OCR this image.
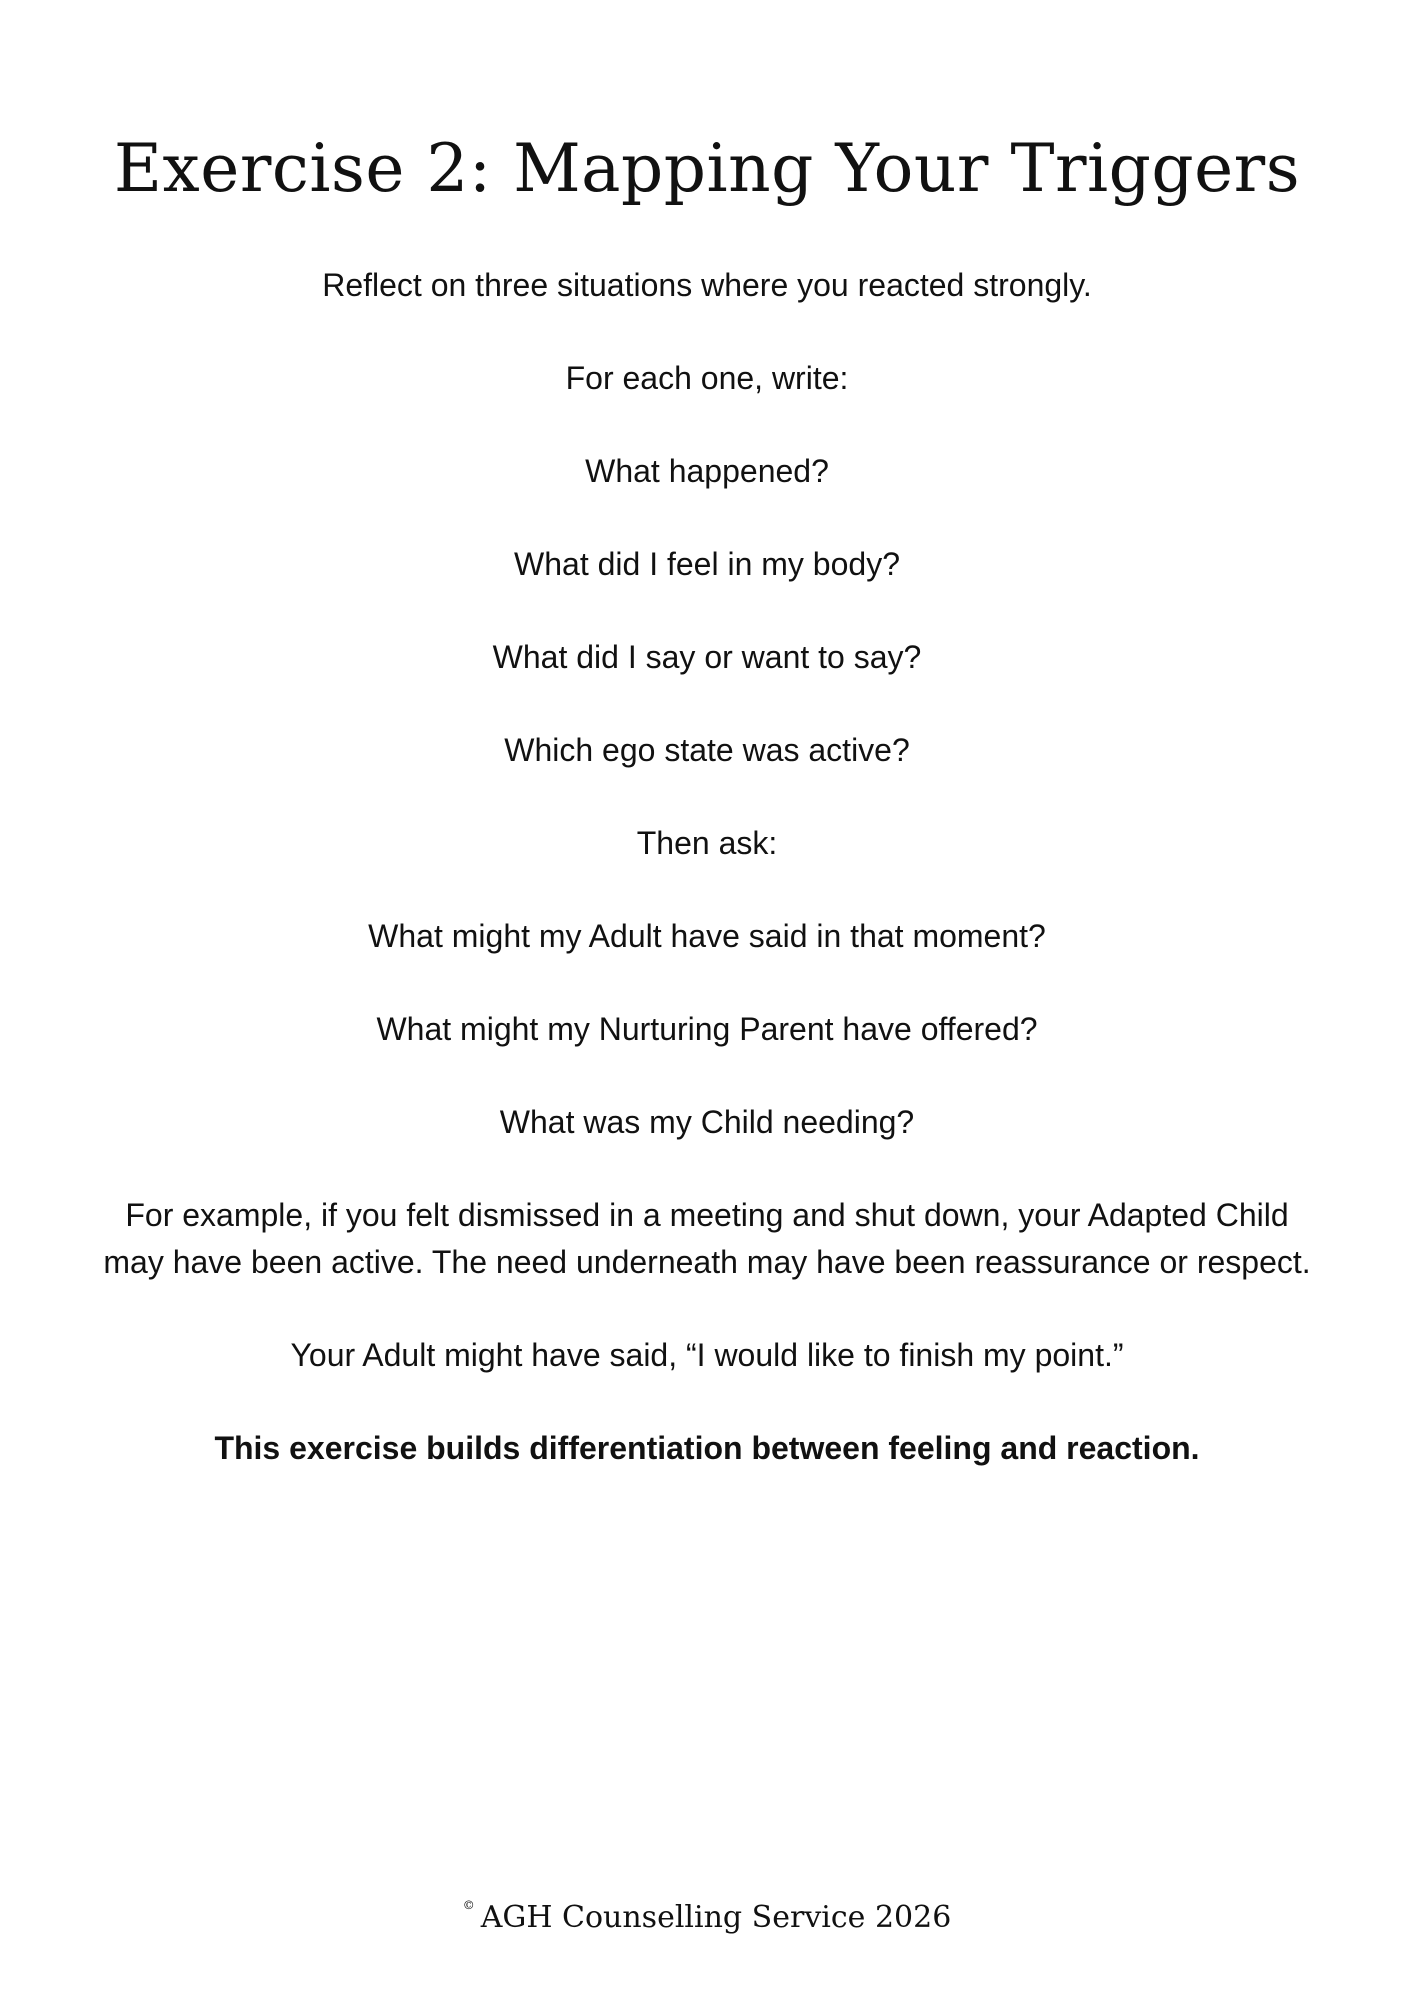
Exercise 2: Mapping Your Triggers

Reflect on three situations where you reacted strongly.

For each one, write:

What happened?

What did I feel in my body?

What did I say or want to say?

Which ego state was active?

Then ask:

What might my Adult have said in that moment?

What might my Nurturing Parent have offered?

What was my Child needing?

For example, if you felt dismissed in a meeting and shut down, your Adapted Child may have been active. The need underneath may have been reassurance or respect.

Your Adult might have said, “I would like to finish my point.”

This exercise builds differentiation between feeling and reaction.

© AGH Counselling Service 2026
